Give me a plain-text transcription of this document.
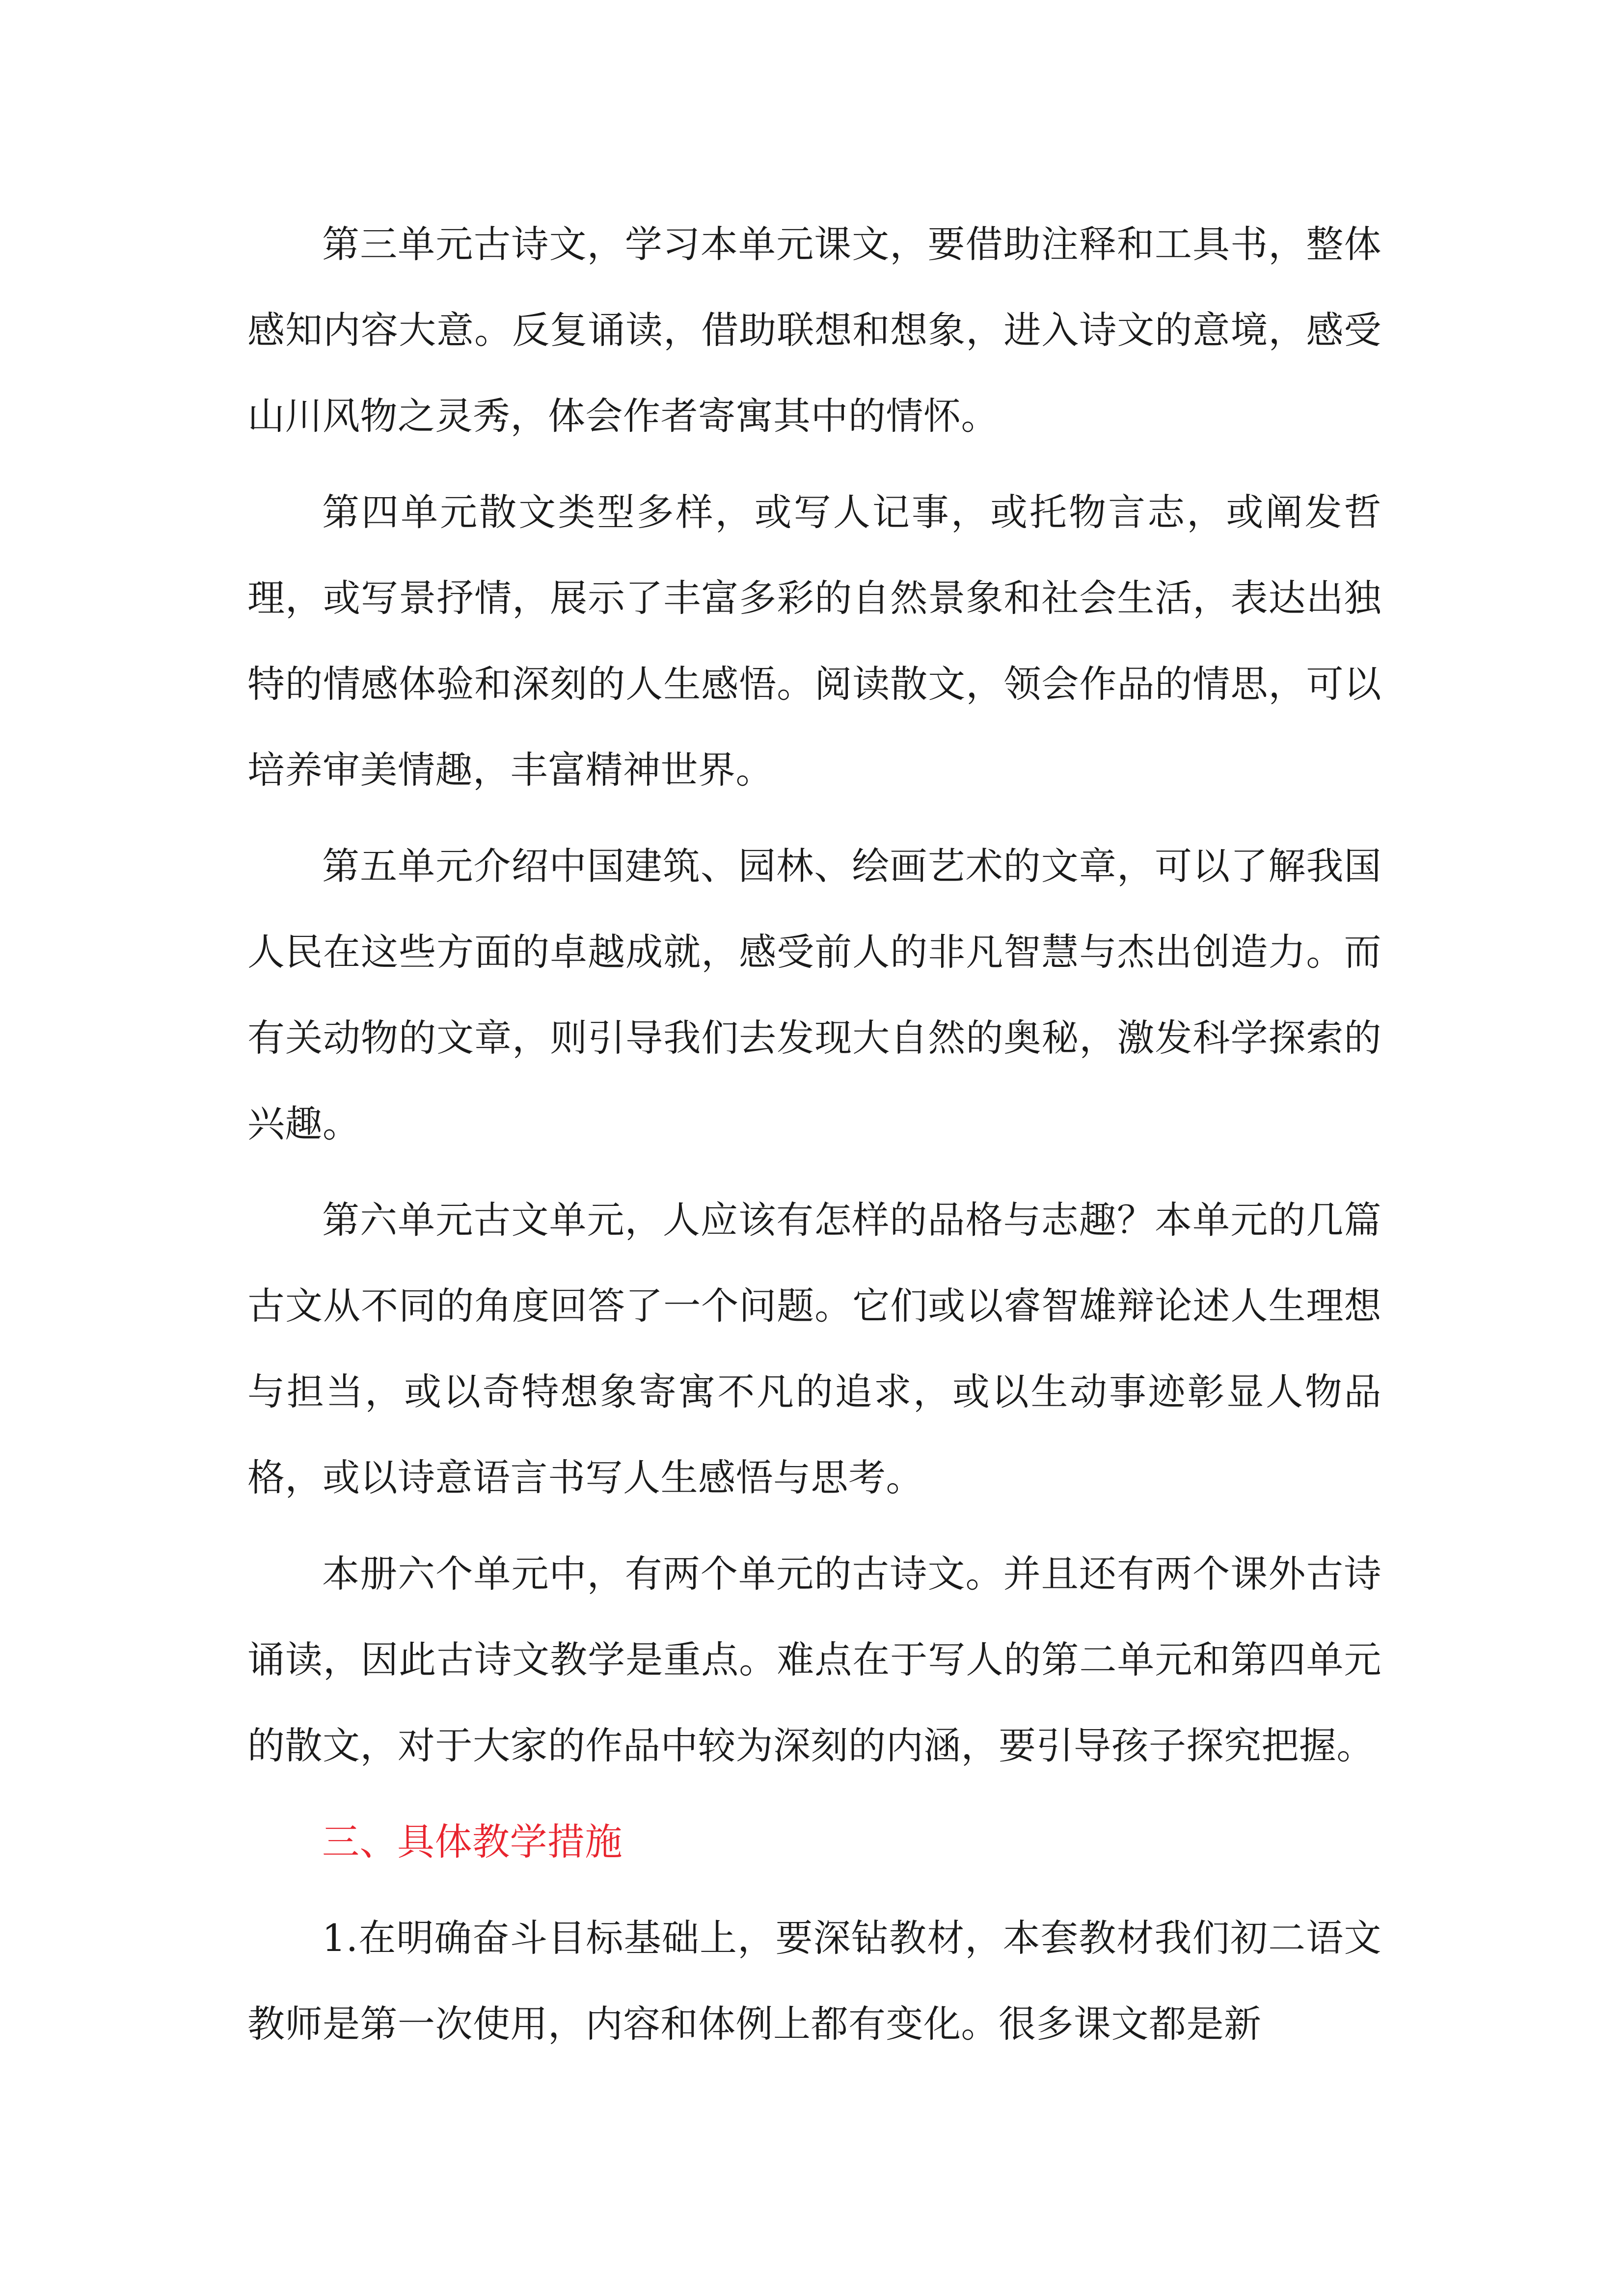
第三单元古诗文，学习本单元课文，要借助注释和工具书，整体感知内容大意。反复诵读，借助联想和想象，进入诗文的意境，感受山川风物之灵秀，体会作者寄寓其中的情怀。

第四单元散文类型多样，或写人记事，或托物言志，或阐发哲理，或写景抒情，展示了丰富多彩的自然景象和社会生活，表达出独特的情感体验和深刻的人生感悟。阅读散文，领会作品的情思，可以培养审美情趣，丰富精神世界。

第五单元介绍中国建筑、园林、绘画艺术的文章，可以了解我国人民在这些方面的卓越成就，感受前人的非凡智慧与杰出创造力。而有关动物的文章，则引导我们去发现大自然的奥秘，激发科学探索的兴趣。

第六单元古文单元，人应该有怎样的品格与志趣？本单元的几篇古文从不同的角度回答了一个问题。它们或以睿智雄辩论述人生理想与担当，或以奇特想象寄寓不凡的追求，或以生动事迹彰显人物品格，或以诗意语言书写人生感悟与思考。

本册六个单元中，有两个单元的古诗文。并且还有两个课外古诗诵读，因此古诗文教学是重点。难点在于写人的第二单元和第四单元的散文，对于大家的作品中较为深刻的内涵，要引导孩子探究把握。

三、具体教学措施

1.在明确奋斗目标基础上，要深钻教材，本套教材我们初二语文教师是第一次使用，内容和体例上都有变化。很多课文都是新
